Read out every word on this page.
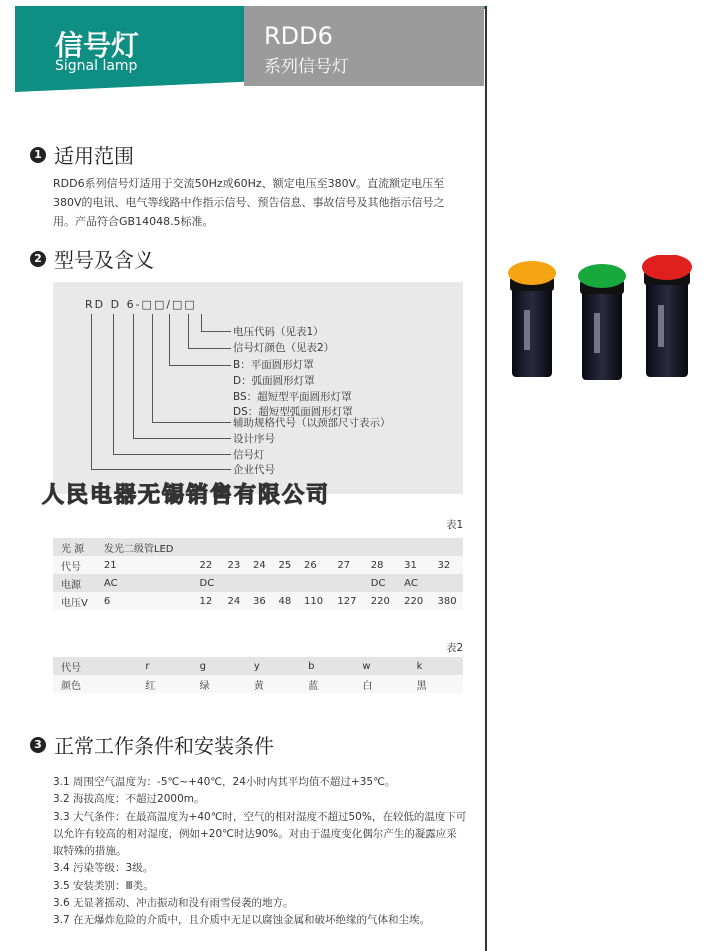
信号灯
Signal lamp
RDD6
系列信号灯
1 适用范围
RDD6系列信号灯适用于交流50Hz或60Hz、额定电压至380V。直流额定电压至380V的电讯、电气等线路中作指示信号、预告信息、事故信号及其他指示信号之用。产品符合GB14048.5标准。
2 型号及含义
RD D 6-□□/□□
电压代码（见表1）
信号灯颜色（见表2）
B：平面圆形灯罩
D：弧面圆形灯罩
BS：超短型平面圆形灯罩
DS：超短型弧面圆形灯罩
辅助规格代号（以颈部尺寸表示）
设计序号
信号灯
企业代号
人民电器无锡销售有限公司
表1
光 源	发光二级管LED									
代号	21	22	23	24	25	26	27	28	31	32
电源	AC	DC						DC	AC	
电压V	6	12	24	36	48	110	127	220	220	380
表2
代号	r	g	y	b	w	k
颜色	红	绿	黄	蓝	白	黑
3 正常工作条件和安装条件
3.1 周围空气温度为：-5℃~+40℃，24小时内其平均值不超过+35℃。
3.2 海拔高度：不超过2000m。
3.3 大气条件：在最高温度为+40℃时，空气的相对湿度不超过50%，在较低的温度下可以允许有较高的相对湿度，例如+20℃时达90%。对由于温度变化偶尔产生的凝露应采取特殊的措施。
3.4 污染等级：3级。
3.5 安装类别：Ⅲ类。
3.6 无显著摇动、冲击振动和没有雨雪侵袭的地方。
3.7 在无爆炸危险的介质中，且介质中无足以腐蚀金属和破坏绝缘的气体和尘埃。
